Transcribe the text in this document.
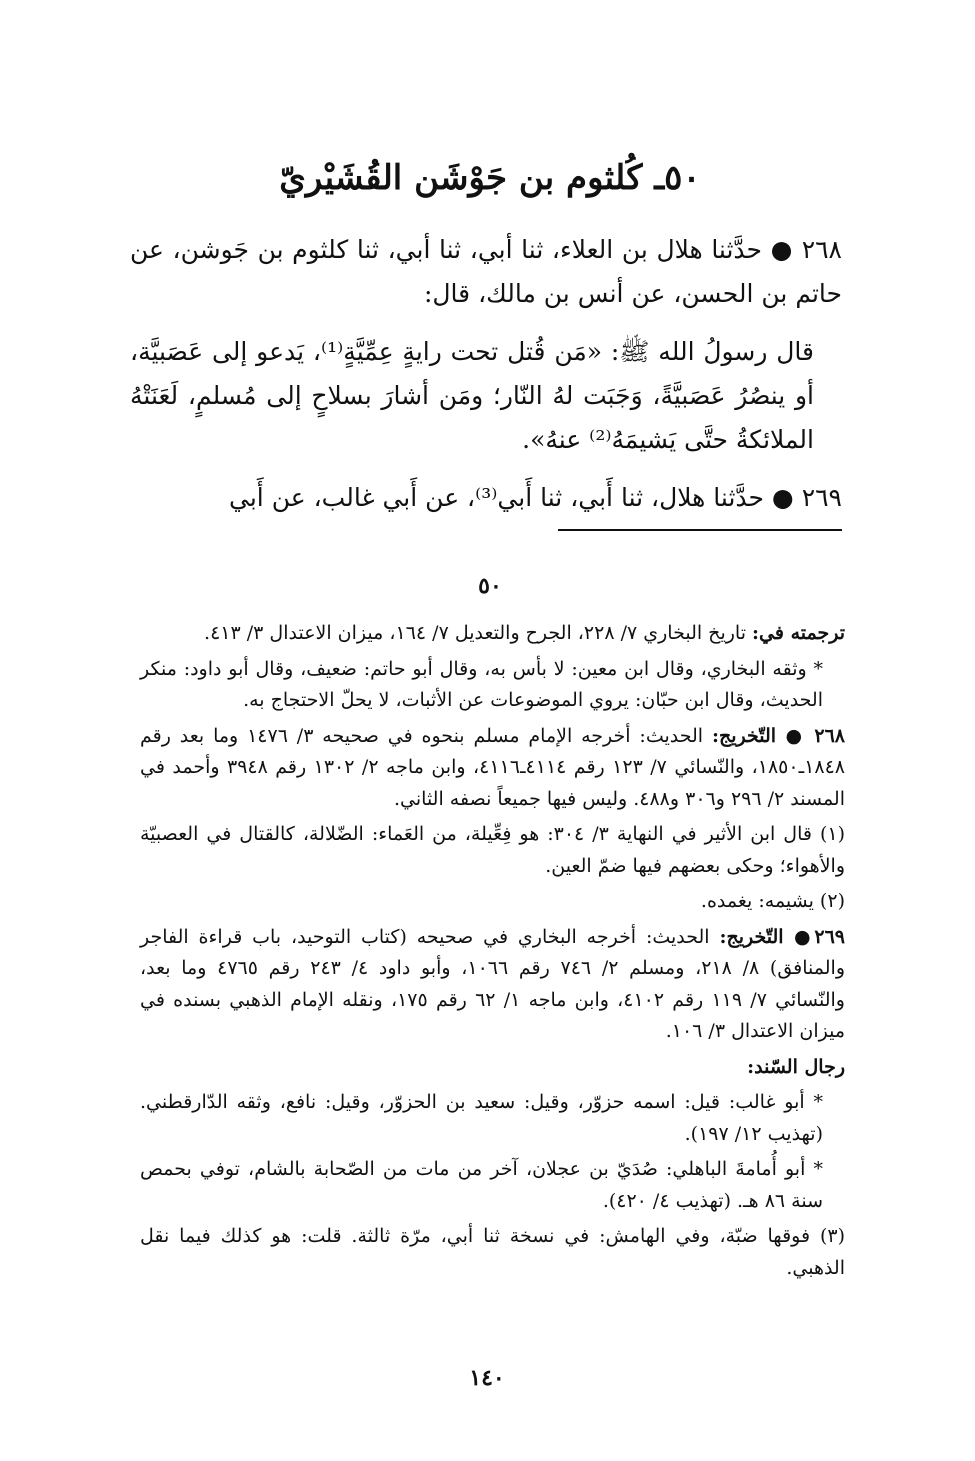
٥٠ـ كُلثوم بن جَوْشَن القُشَيْريّ

٢٦٨ ● حدَّثنا هلال بن العلاء، ثنا أبي، ثنا أبي، ثنا كلثوم بن جَوشن، عن حاتم بن الحسن، عن أنس بن مالك، قال:

قال رسولُ الله ﷺ: «مَن قُتل تحت رايةٍ عِمِّيَّةٍ⁽¹⁾، يَدعو إلى عَصَبيَّة، أو ينصُرُ عَصَبيَّةً، وَجَبَت لهُ النّار؛ ومَن أشارَ بسلاحٍ إلى مُسلمٍ، لَعَنَتْهُ الملائكةُ حتَّى يَشيمَهُ⁽²⁾ عنهُ».

٢٦٩ ● حدَّثنا هلال، ثنا أَبي، ثنا أَبي⁽³⁾، عن أَبي غالب، عن أَبي

٥٠

ترجمته في: تاريخ البخاري ٧/ ٢٢٨، الجرح والتعديل ٧/ ١٦٤، ميزان الاعتدال ٣/ ٤١٣.

* وثقه البخاري، وقال ابن معين: لا بأس به، وقال أبو حاتم: ضعيف، وقال أبو داود: منكر الحديث، وقال ابن حبّان: يروي الموضوعات عن الأثبات، لا يحلّ الاحتجاج به.

٢٦٨ ● التّخريج: الحديث: أخرجه الإمام مسلم بنحوه في صحيحه ٣/ ١٤٧٦ وما بعد رقم ١٨٤٨ـ١٨٥٠، والنّسائي ٧/ ١٢٣ رقم ٤١١٤ـ٤١١٦، وابن ماجه ٢/ ١٣٠٢ رقم ٣٩٤٨ وأحمد في المسند ٢/ ٢٩٦ و٣٠٦ و٤٨٨. وليس فيها جميعاً نصفه الثاني.

(١) قال ابن الأثير في النهاية ٣/ ٣٠٤: هو فِعِّيلة، من العَماء: الضّلالة، كالقتال في العصبيّة والأهواء؛ وحكى بعضهم فيها ضمّ العين.

(٢) يشيمه: يغمده.

٢٦٩● التّخريج: الحديث: أخرجه البخاري في صحيحه (كتاب التوحيد، باب قراءة الفاجر والمنافق) ٨/ ٢١٨، ومسلم ٢/ ٧٤٦ رقم ١٠٦٦، وأبو داود ٤/ ٢٤٣ رقم ٤٧٦٥ وما بعد، والنّسائي ٧/ ١١٩ رقم ٤١٠٢، وابن ماجه ١/ ٦٢ رقم ١٧٥، ونقله الإمام الذهبي بسنده في ميزان الاعتدال ٣/ ١٠٦.

رجال السّند:

* أبو غالب: قيل: اسمه حزوّر، وقيل: سعيد بن الحزوّر، وقيل: نافع، وثقه الدّارقطني. (تهذيب ١٢/ ١٩٧).

* أبو أُمامةَ الباهلي: صُدَيّ بن عجلان، آخر من مات من الصّحابة بالشام، توفي بحمص سنة ٨٦ هـ. (تهذيب ٤/ ٤٢٠).

(٣) فوقها ضبّة، وفي الهامش: في نسخة ثنا أبي، مرّة ثالثة. قلت: هو كذلك فيما نقل الذهبي.

١٤٠
